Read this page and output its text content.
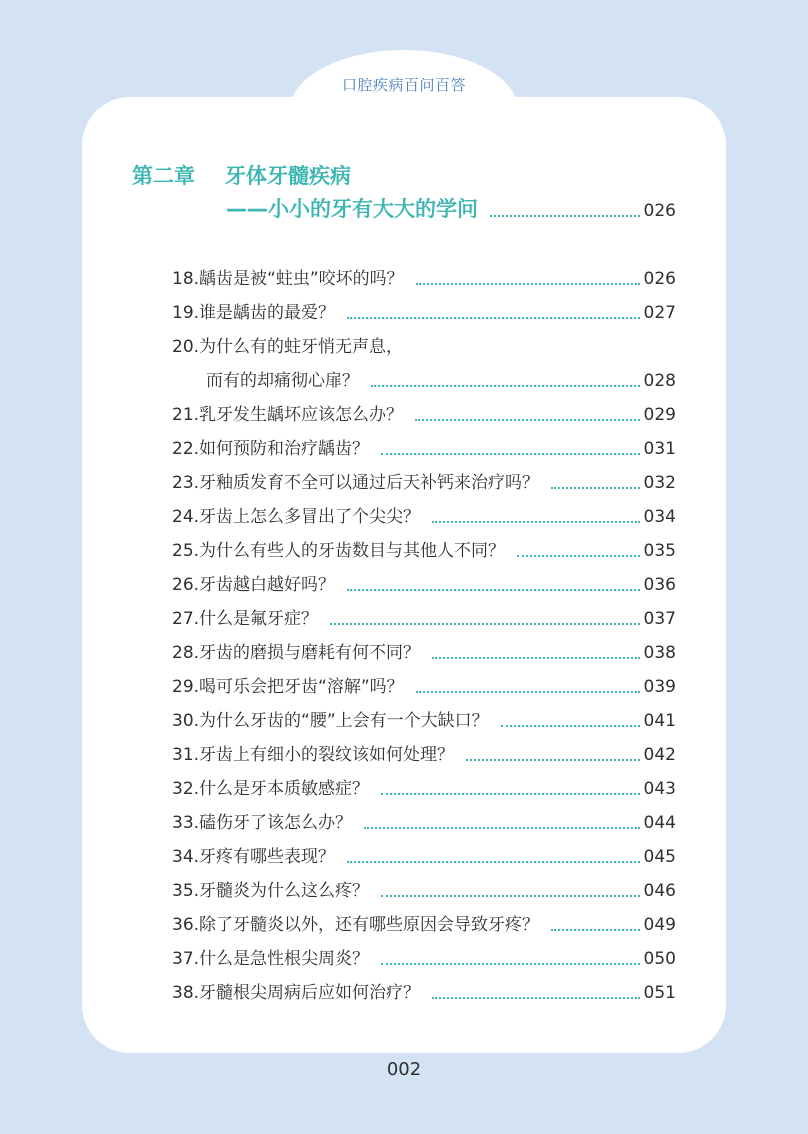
口腔疾病百问百答
第二章 牙体牙髓疾病
——小小的牙有大大的学问	026
18.龋齿是被“蛀虫”咬坏的吗？	026
19.谁是龋齿的最爱？	027
20.为什么有的蛀牙悄无声息，
而有的却痛彻心扉？	028
21.乳牙发生龋坏应该怎么办？	029
22.如何预防和治疗龋齿？	031
23.牙釉质发育不全可以通过后天补钙来治疗吗？	032
24.牙齿上怎么多冒出了个尖尖？	034
25.为什么有些人的牙齿数目与其他人不同？	035
26.牙齿越白越好吗？	036
27.什么是氟牙症？	037
28.牙齿的磨损与磨耗有何不同？	038
29.喝可乐会把牙齿“溶解”吗？	039
30.为什么牙齿的“腰”上会有一个大缺口？	041
31.牙齿上有细小的裂纹该如何处理？	042
32.什么是牙本质敏感症？	043
33.磕伤牙了该怎么办？	044
34.牙疼有哪些表现？	045
35.牙髓炎为什么这么疼？	046
36.除了牙髓炎以外，还有哪些原因会导致牙疼？	049
37.什么是急性根尖周炎？	050
38.牙髓根尖周病后应如何治疗？	051
002
